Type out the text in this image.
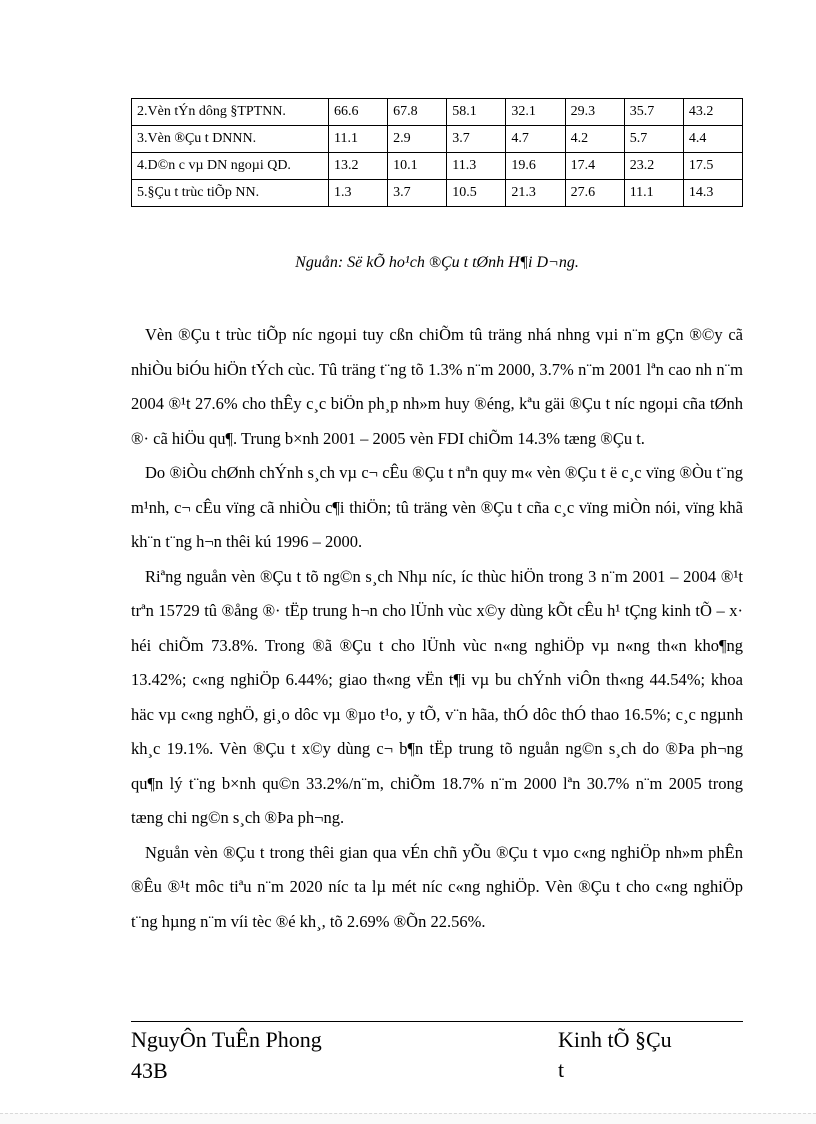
2.Vèn tÝn dông §TPTNN.	66.6	67.8	58.1	32.1	29.3	35.7	43.2
3.Vèn ®Çu t DNNN.	11.1	2.9	3.7	4.7	4.2	5.7	4.4
4.D©n c vµ DN ngoµi QD.	13.2	10.1	11.3	19.6	17.4	23.2	17.5
5.§Çu t trùc tiÕp NN.	1.3	3.7	10.5	21.3	27.6	11.1	14.3
Nguån: Së kÕ ho¹ch ®Çu t tØnh H¶i D¬ng.

Vèn ®Çu t trùc tiÕp níc ngoµi tuy cßn chiÕm tû träng nhá nhng vµi n¨m gÇn ®©y cã nhiÒu biÓu hiÖn tÝch cùc. Tû träng t¨ng tõ 1.3% n¨m 2000, 3.7% n¨m 2001 lªn cao nh n¨m 2004 ®¹t 27.6% cho thÊy c¸c biÖn ph¸p nh»m huy ®éng, kªu gäi ®Çu t níc ngoµi cña tØnh ®· cã hiÖu qu¶. Trung b×nh 2001 – 2005 vèn FDI chiÕm 14.3% tæng ®Çu t.

Do ®iÒu chØnh chÝnh s¸ch vµ c¬ cÊu ®Çu t nªn quy m« vèn ®Çu t ë c¸c vïng ®Òu t¨ng m¹nh, c¬ cÊu vïng cã nhiÒu c¶i thiÖn; tû träng vèn ®Çu t cña c¸c vïng miÒn nói, vïng khã kh¨n t¨ng h¬n thêi kú 1996 – 2000.

Riªng nguån vèn ®Çu t tõ ng©n s¸ch Nhµ níc, íc thùc hiÖn trong 3 n¨m 2001 – 2004 ®¹t trªn 15729 tû ®ång ®· tËp trung h¬n cho lÜnh vùc x©y dùng kÕt cÊu h¹ tÇng kinh tÕ – x· héi chiÕm 73.8%. Trong ®ã ®Çu t cho lÜnh vùc n«ng nghiÖp vµ n«ng th«n kho¶ng 13.42%; c«ng nghiÖp 6.44%; giao th«ng vËn t¶i vµ bu chÝnh viÔn th«ng 44.54%; khoa häc vµ c«ng nghÖ, gi¸o dôc vµ ®µo t¹o, y tÕ, v¨n hãa, thÓ dôc thÓ thao 16.5%; c¸c ngµnh kh¸c 19.1%. Vèn ®Çu t x©y dùng c¬ b¶n tËp trung tõ nguån ng©n s¸ch do ®Þa ph¬ng qu¶n lý t¨ng b×nh qu©n 33.2%/n¨m, chiÕm 18.7% n¨m 2000 lªn 30.7% n¨m 2005 trong tæng chi ng©n s¸ch ®Þa ph¬ng.

Nguån vèn ®Çu t trong thêi gian qua vÉn chñ yÕu ®Çu t vµo c«ng nghiÖp nh»m phÊn ®Êu ®¹t môc tiªu n¨m 2020 níc ta lµ mét níc c«ng nghiÖp. Vèn ®Çu t cho c«ng nghiÖp t¨ng hµng n¨m víi tèc ®é kh¸, tõ 2.69% ®Õn 22.56%.

NguyÔn TuÊn Phong
43B
Kinh tÕ §Çu t
